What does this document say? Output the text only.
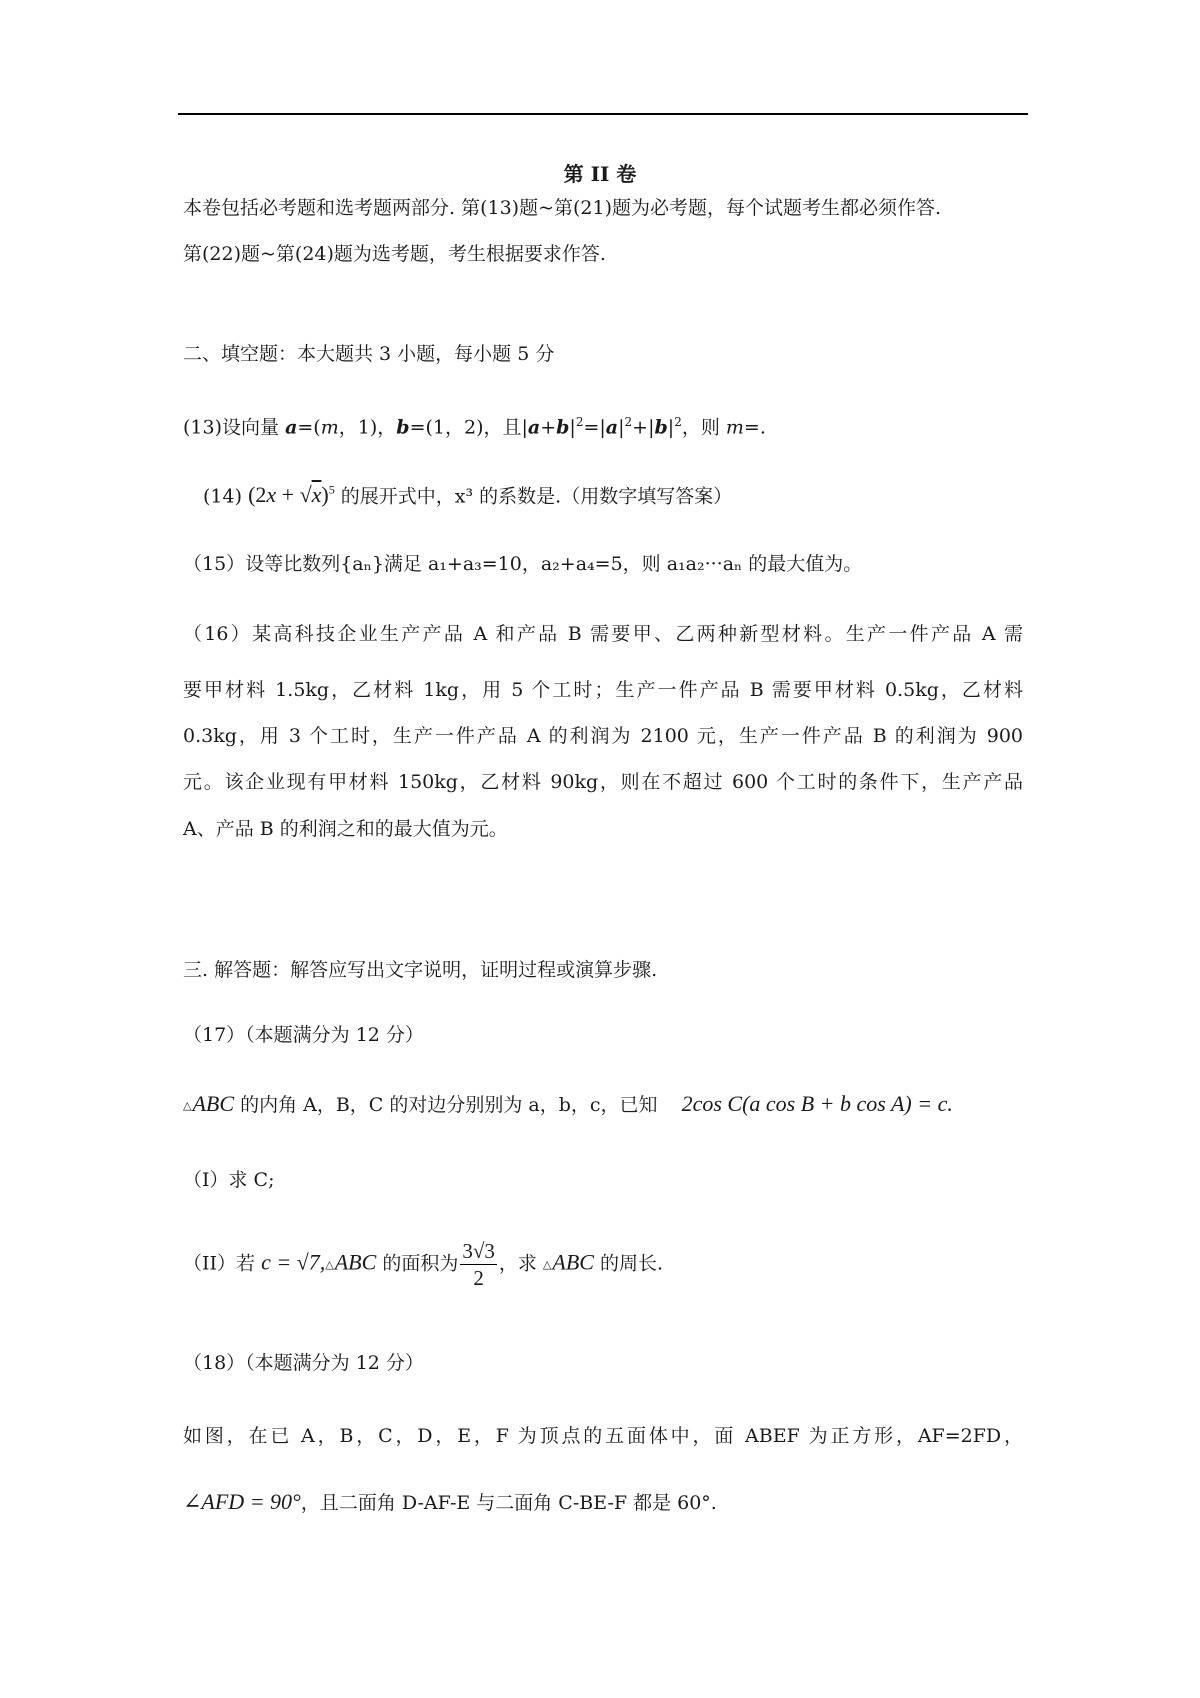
第 II 卷
本卷包括必考题和选考题两部分. 第(13)题~第(21)题为必考题，每个试题考生都必须作答.
第(22)题~第(24)题为选考题，考生根据要求作答.
二、填空题：本大题共 3 小题，每小题 5 分
(13)设向量 a=(m，1)，b=(1，2)，且$|a+b|^2=|a|^2+|b|^2$，则 m=.
(14) $(2x + √x)^5$ 的展开式中，x³ 的系数是.（用数字填写答案）
（15）设等比数列{aₙ}满足 a₁+a₃=10，a₂+a₄=5，则 a₁a₂···aₙ 的最大值为。
（16）某高科技企业生产产品 A 和产品 B 需要甲、乙两种新型材料。生产一件产品 A 需
要甲材料 1.5kg，乙材料 1kg，用 5 个工时；生产一件产品 B 需要甲材料 0.5kg，乙材料
0.3kg，用 3 个工时，生产一件产品 A 的利润为 2100 元，生产一件产品 B 的利润为 900
元。该企业现有甲材料 150kg，乙材料 90kg，则在不超过 600 个工时的条件下，生产产品
A、产品 B 的利润之和的最大值为元。
三. 解答题：解答应写出文字说明，证明过程或演算步骤.
（17）（本题满分为 12 分）
△ABC 的内角 A，B，C 的对边分别别为 a，b，c，已知 2cos C(a cos B + b cos A) = c.
（I）求 C;
（II）若 c = √7,△ABC 的面积为 $\frac{3√3}{2}$ ，求 △ABC 的周长.
（18）（本题满分为 12 分）
如图，在已 A，B，C，D，E，F 为顶点的五面体中，面 ABEF 为正方形，AF=2FD，
∠AFD = 90°，且二面角 D-AF-E 与二面角 C-BE-F 都是 60°.
